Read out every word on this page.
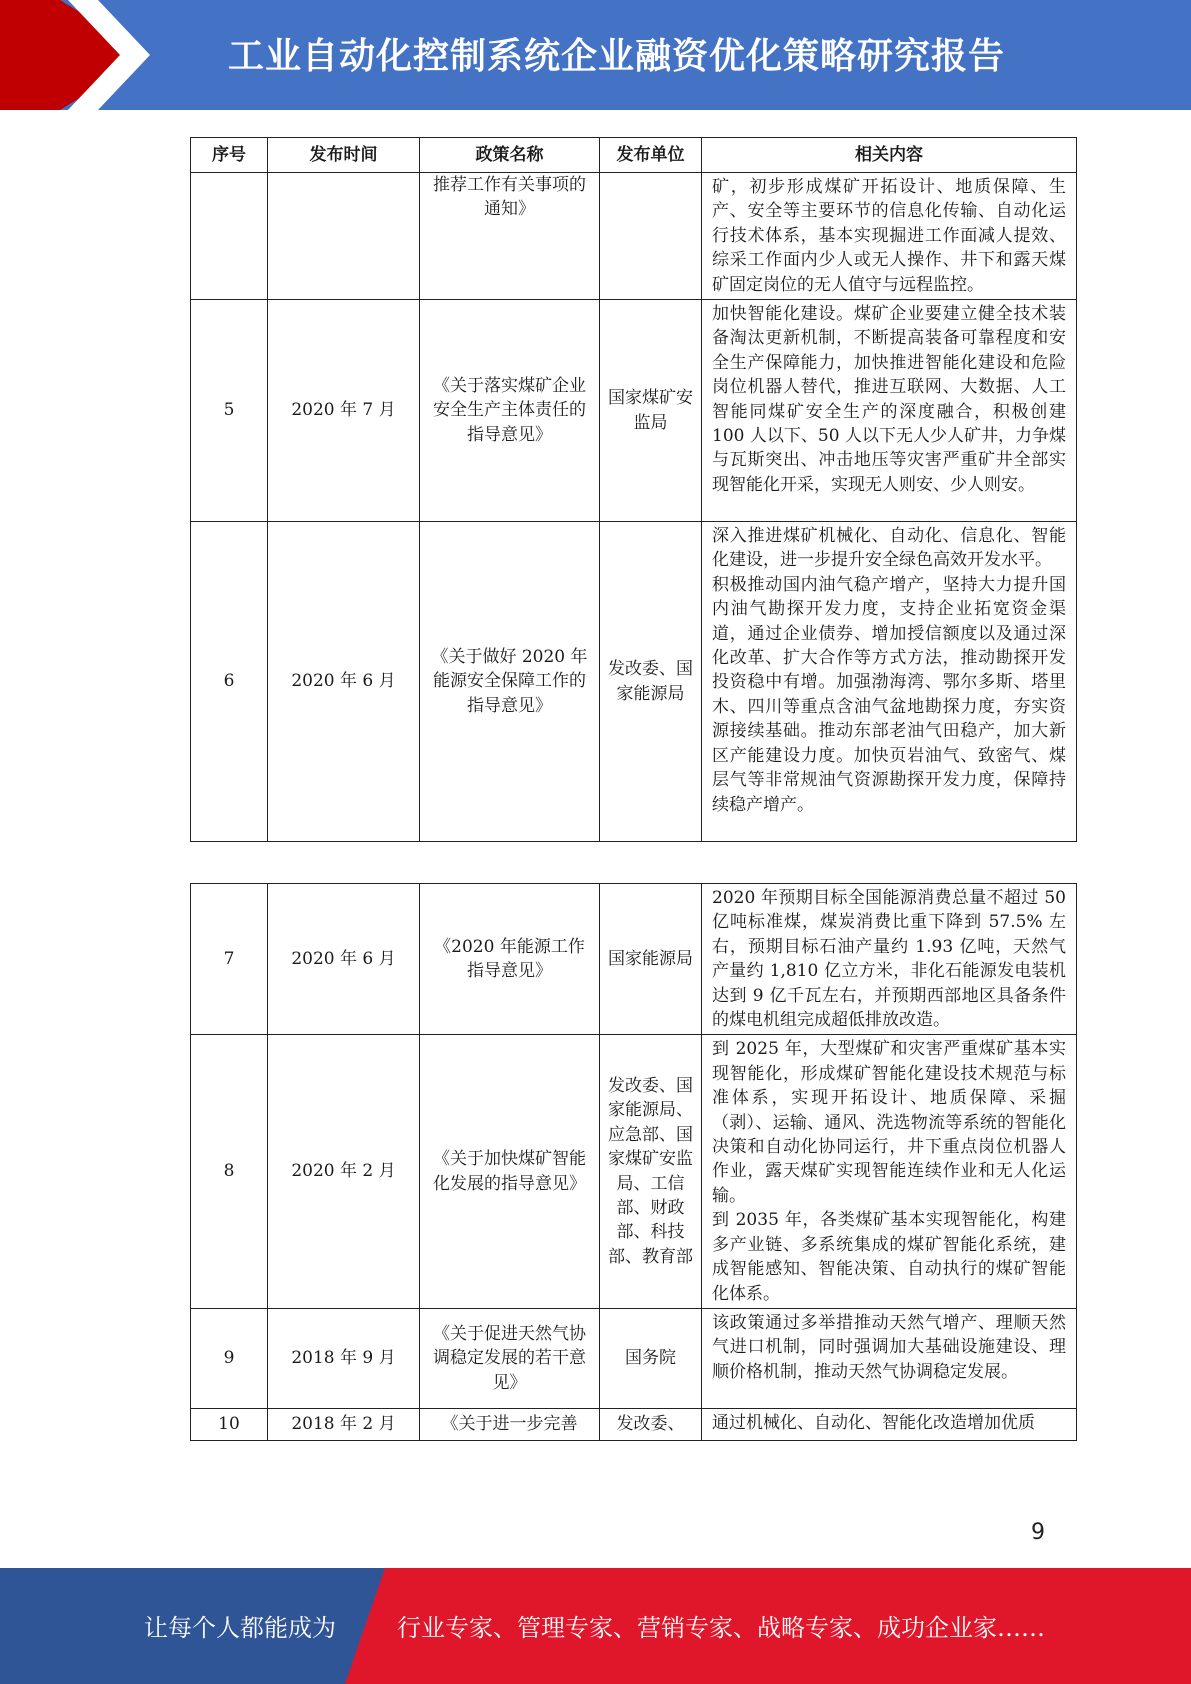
工业自动化控制系统企业融资优化策略研究报告
序号	发布时间	政策名称	发布单位	相关内容
		推荐工作有关事项的通知》		矿，初步形成煤矿开拓设计、地质保障、生产、安全等主要环节的信息化传输、自动化运行技术体系，基本实现掘进工作面减人提效、综采工作面内少人或无人操作、井下和露天煤矿固定岗位的无人值守与远程监控。

5	2020 年 7 月	《关于落实煤矿企业安全生产主体责任的指导意见》	国家煤矿安监局	加快智能化建设。煤矿企业要建立健全技术装备淘汰更新机制，不断提高装备可靠程度和安全生产保障能力，加快推进智能化建设和危险岗位机器人替代，推进互联网、大数据、人工智能同煤矿安全生产的深度融合，积极创建 100 人以下、50 人以下无人少人矿井，力争煤与瓦斯突出、冲击地压等灾害严重矿井全部实现智能化开采，实现无人则安、少人则安。

6	2020 年 6 月	《关于做好 2020 年能源安全保障工作的指导意见》	发改委、国家能源局	深入推进煤矿机械化、自动化、信息化、智能化建设，进一步提升安全绿色高效开发水平。
积极推动国内油气稳产增产，坚持大力提升国内油气勘探开发力度，支持企业拓宽资金渠道，通过企业债券、增加授信额度以及通过深化改革、扩大合作等方式方法，推动勘探开发投资稳中有增。加强渤海湾、鄂尔多斯、塔里木、四川等重点含油气盆地勘探力度，夯实资源接续基础。推动东部老油气田稳产，加大新区产能建设力度。加快页岩油气、致密气、煤层气等非常规油气资源勘探开发力度，保障持续稳产增产。
7	2020 年 6 月	《2020 年能源工作指导意见》	国家能源局	2020 年预期目标全国能源消费总量不超过 50 亿吨标准煤，煤炭消费比重下降到 57.5% 左右，预期目标石油产量约 1.93 亿吨，天然气产量约 1,810 亿立方米，非化石能源发电装机达到 9 亿千瓦左右，并预期西部地区具备条件的煤电机组完成超低排放改造。

8	2020 年 2 月	《关于加快煤矿智能化发展的指导意见》	发改委、国家能源局、应急部、国家煤矿安监局、工信部、财政部、科技部、教育部	到 2025 年，大型煤矿和灾害严重煤矿基本实现智能化，形成煤矿智能化建设技术规范与标准体系，实现开拓设计、地质保障、采掘（剥）、运输、通风、洗选物流等系统的智能化决策和自动化协同运行，井下重点岗位机器人作业，露天煤矿实现智能连续作业和无人化运输。
到 2035 年，各类煤矿基本实现智能化，构建多产业链、多系统集成的煤矿智能化系统，建成智能感知、智能决策、自动执行的煤矿智能化体系。

9	2018 年 9 月	《关于促进天然气协调稳定发展的若干意见》	国务院	该政策通过多举措推动天然气增产、理顺天然气进口机制，同时强调加大基础设施建设、理顺价格机制，推动天然气协调稳定发展。

10	2018 年 2 月	《关于进一步完善	发改委、	通过机械化、自动化、智能化改造增加优质
9
让每个人都能成为	行业专家、管理专家、营销专家、战略专家、成功企业家……
